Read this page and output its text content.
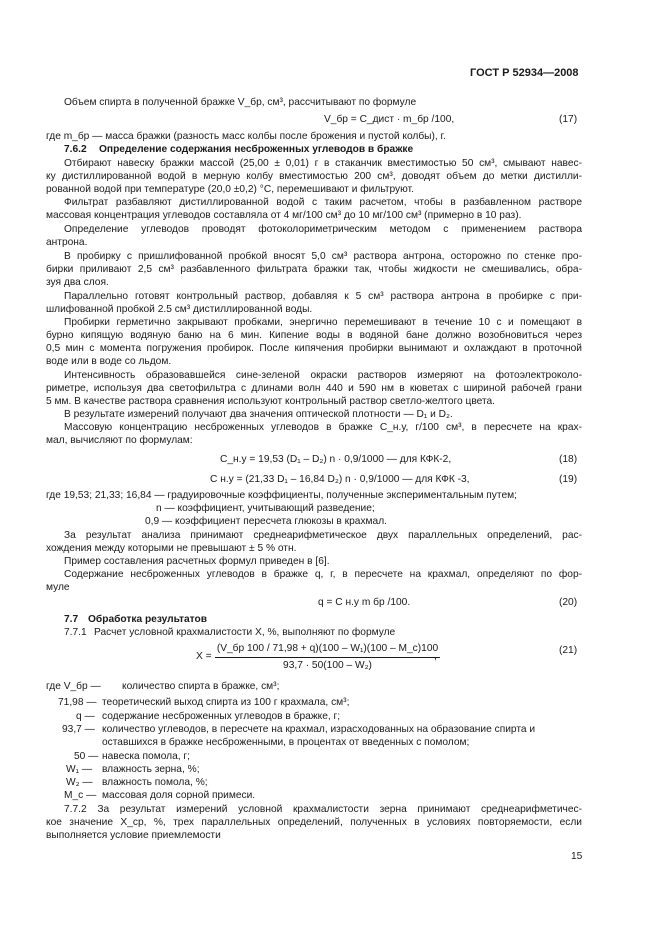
ГОСТ Р 52934—2008
Объем спирта в полученной бражке V_бр, см³, рассчитывают по формуле
V_бр = C_дист · m_бр /100,	(17)
где m_бр — масса бражки (разность масс колбы после брожения и пустой колбы), г.
7.6.2 Определение содержания несброженных углеводов в бражке
Отбирают навеску бражки массой (25,00 ± 0,01) г в стаканчик вместимостью 50 см³, смывают навес-
ку дистиллированной водой в мерную колбу вместимостью 200 см³, доводят объем до метки дистилли-
рованной водой при температуре (20,0 ±0,2) °С, перемешивают и фильтруют.
Фильтрат разбавляют дистиллированной водой с таким расчетом, чтобы в разбавленном растворе
массовая концентрация углеводов составляла от 4 мг/100 см³ до 10 мг/100 см³ (примерно в 10 раз).
Определение углеводов проводят фотоколориметрическим методом с применением раствора
антрона.
В пробирку с пришлифованной пробкой вносят 5,0 см³ раствора антрона, осторожно по стенке про-
бирки приливают 2,5 см³ разбавленного фильтрата бражки так, чтобы жидкости не смешивались, обра-
зуя два слоя.
Параллельно готовят контрольный раствор, добавляя к 5 см³ раствора антрона в пробирке с при-
шлифованной пробкой 2.5 см³ дистиллированной воды.
Пробирки герметично закрывают пробками, энергично перемешивают в течение 10 с и помещают в
бурно кипящую водяную баню на 6 мин. Кипение воды в водяной бане должно возобновиться через
0,5 мин с момента погружения пробирок. После кипячения пробирки вынимают и охлаждают в проточной
воде или в воде со льдом.
Интенсивность образовавшейся сине-зеленой окраски растворов измеряют на фотоэлектроколо-
риметре, используя два светофильтра с длинами волн 440 и 590 нм в кюветах с шириной рабочей грани
5 мм. В качестве раствора сравнения используют контрольный раствор светло-желтого цвета.
В результате измерений получают два значения оптической плотности — D₁ и D₂.
Массовую концентрацию несброженных углеводов в бражке C_н.у, г/100 см³, в пересчете на крах-
мал, вычисляют по формулам:
C_н.у = 19,53 (D₁ – D₂) n · 0,9/1000 — для КФК-2,	(18)
C н.у = (21,33 D₁ – 16,84 D₂) n · 0,9/1000 — для КФК -3,	(19)
где 19,53; 21,33; 16,84 — градуировочные коэффициенты, полученные экспериментальным путем;
n — коэффициент, учитывающий разведение;
0,9 — коэффициент пересчета глюкозы в крахмал.
За результат анализа принимают среднеарифметическое двух параллельных определений, рас-
хождения между которыми не превышают ± 5 % отн.
Пример составления расчетных формул приведен в [6].
Содержание несброженных углеводов в бражке q, г, в пересчете на крахмал, определяют по фор-
муле
q = C н.у m бр /100.	(20)
7.7 Обработка результатов
7.7.1 Расчет условной крахмалистости X, %, выполняют по формуле
X =
(V_бр 100 / 71,98 + q)(100 – W₁)(100 – M_с)100
93,7 · 50(100 – W₂)
,
(21)
где V_бр — количество спирта в бражке, см³;
71,98 — теоретический выход спирта из 100 г крахмала, см³;
q — содержание несброженных углеводов в бражке, г;
93,7 — количество углеводов, в пересчете на крахмал, израсходованных на образование спирта и
оставшихся в бражке несброженными, в процентах от введенных с помолом;
50 — навеска помола, г;
W₁ — влажность зерна, %;
W₂ — влажность помола, %;
M_с — массовая доля сорной примеси.
7.7.2 За результат измерений условной крахмалистости зерна принимают среднеарифметичес-
кое значение X_ср, %, трех параллельных определений, полученных в условиях повторяемости, если
выполняется условие приемлемости
15
